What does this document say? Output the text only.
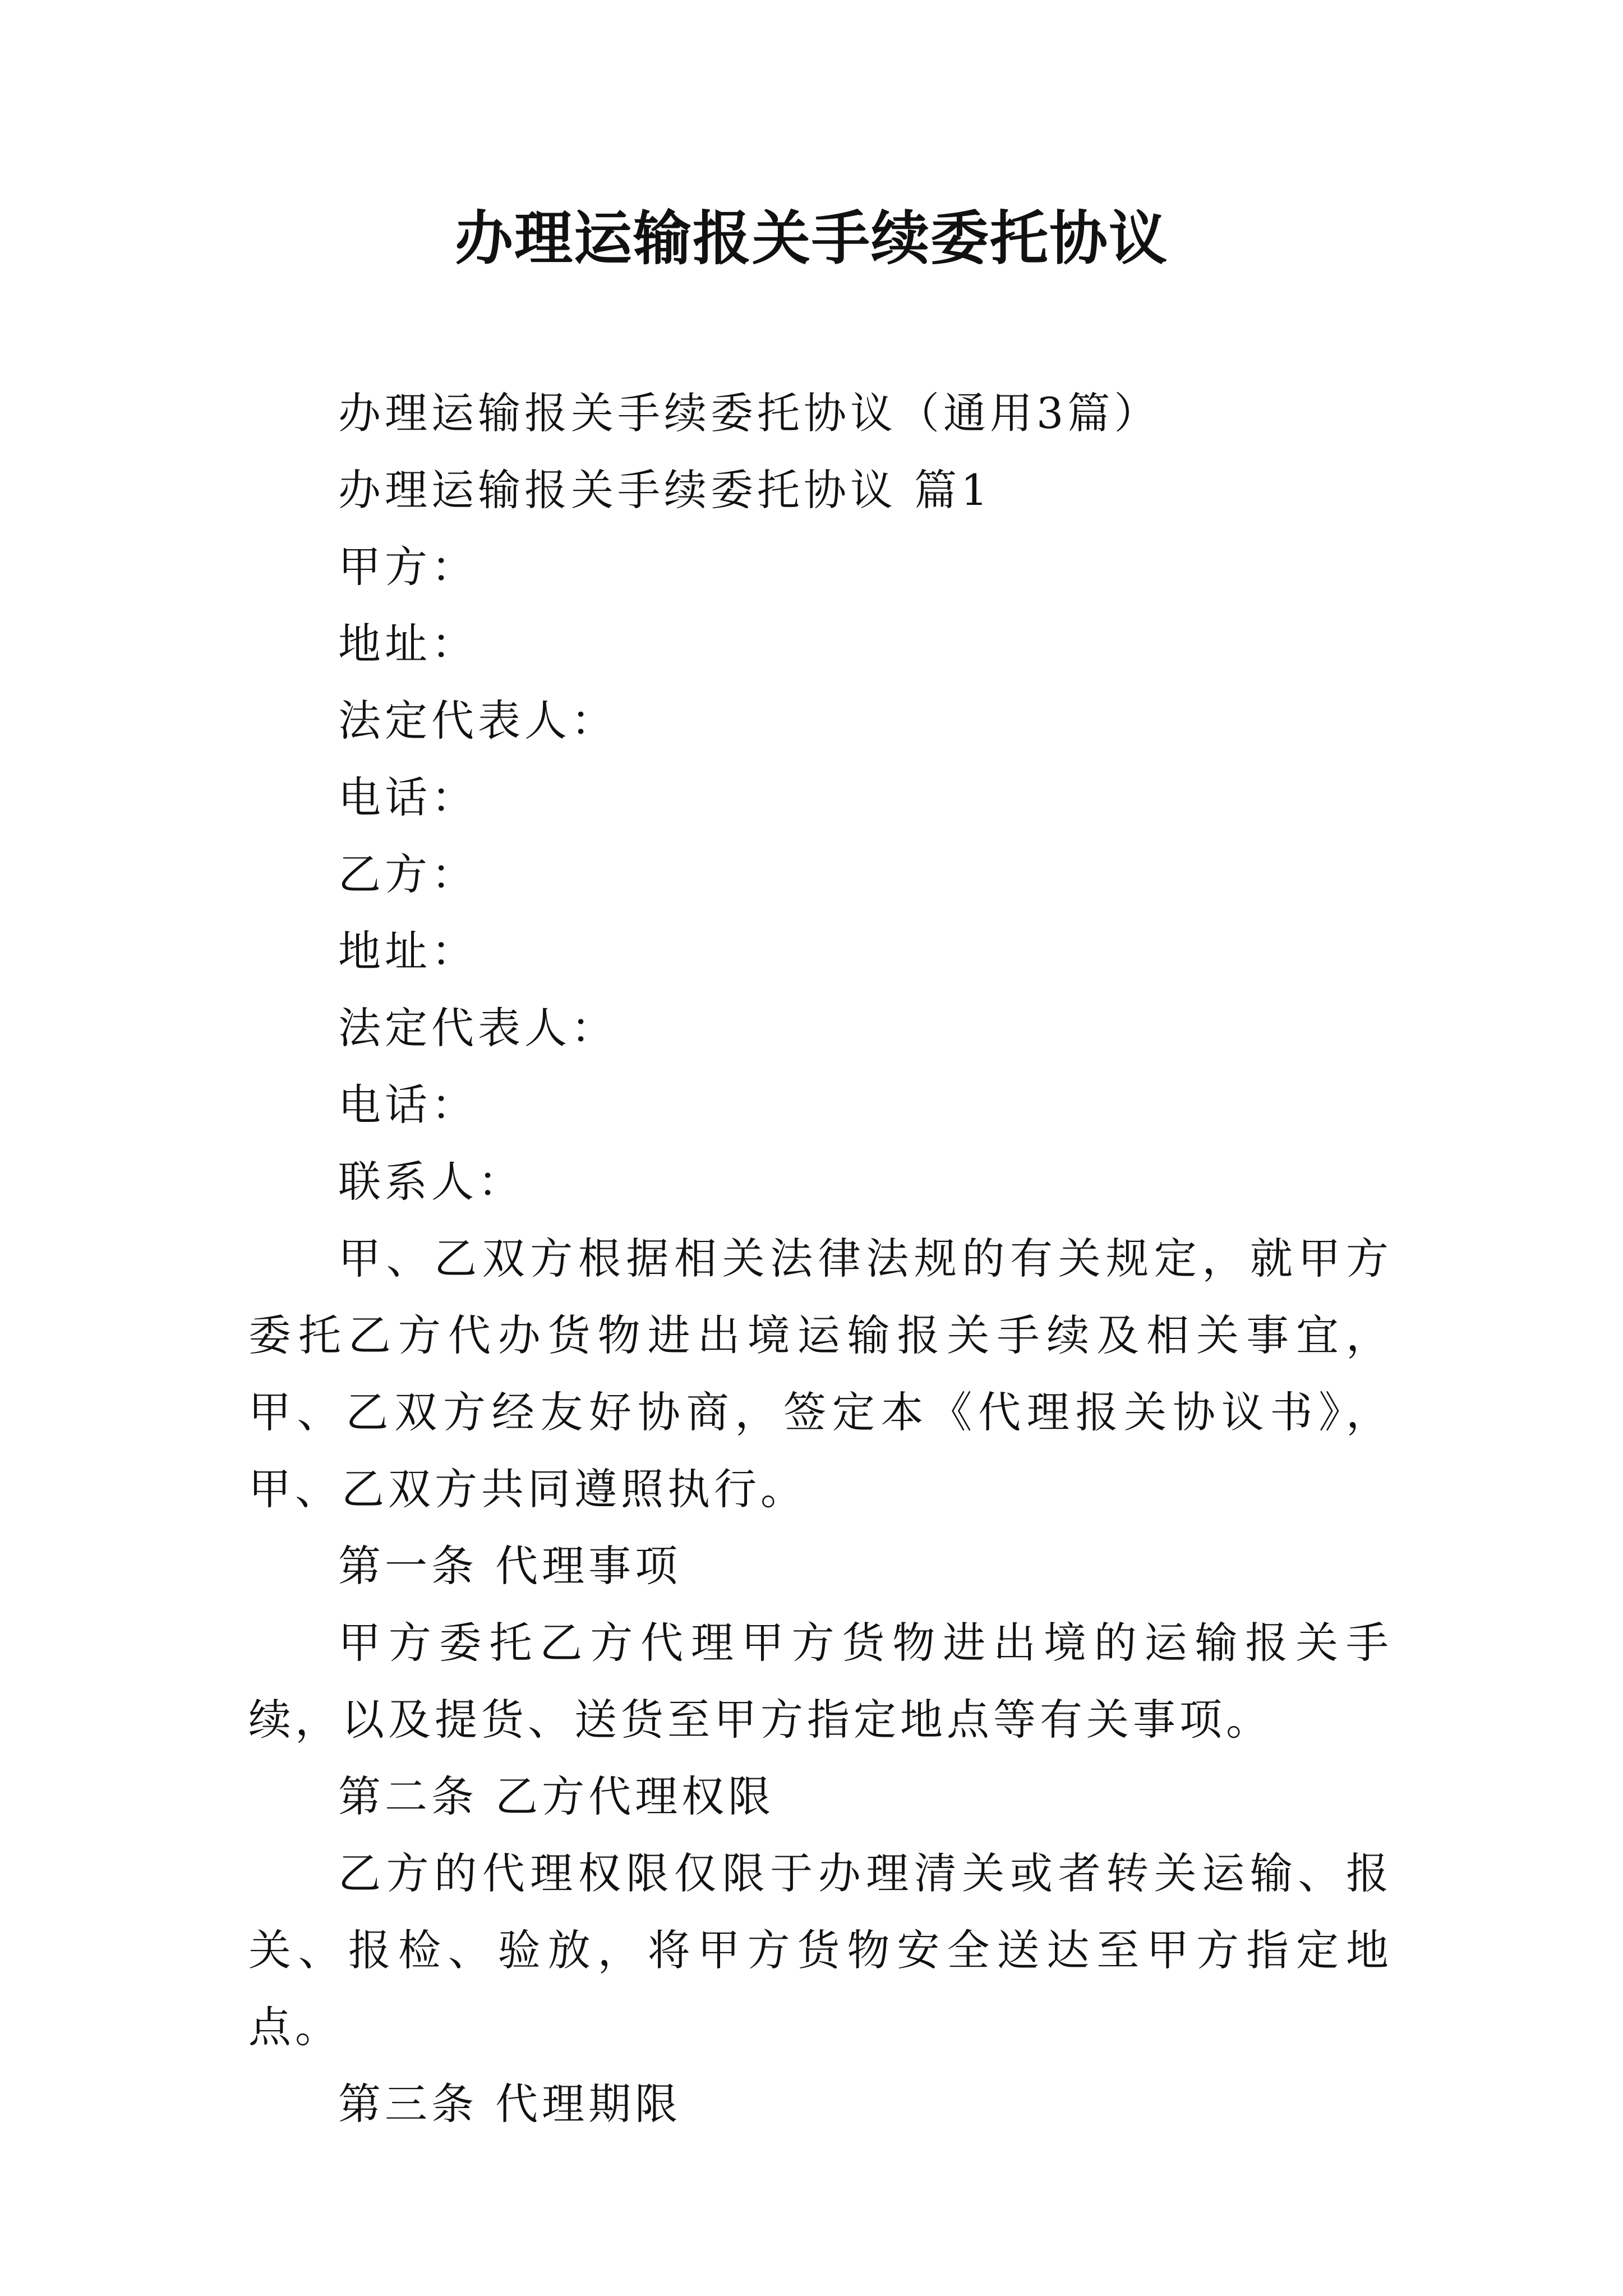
办理运输报关手续委托协议

办理运输报关手续委托协议（通用3篇）

办理运输报关手续委托协议 篇1

甲方：

地址：

法定代表人：

电话：

乙方：

地址：

法定代表人：

电话：

联系人：

甲、乙双方根据相关法律法规的有关规定，就甲方委托乙方代办货物进出境运输报关手续及相关事宜，甲、乙双方经友好协商，签定本《代理报关协议书》，甲、乙双方共同遵照执行。

第一条 代理事项

甲方委托乙方代理甲方货物进出境的运输报关手续，以及提货、送货至甲方指定地点等有关事项。

第二条 乙方代理权限

乙方的代理权限仅限于办理清关或者转关运输、报关、报检、验放，将甲方货物安全送达至甲方指定地点。

第三条 代理期限
